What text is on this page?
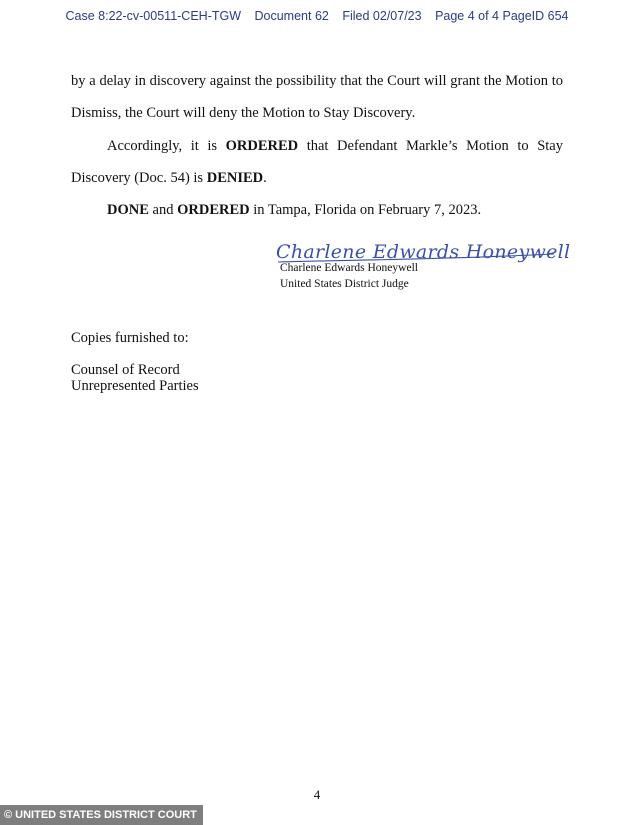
Case 8:22-cv-00511-CEH-TGW Document 62 Filed 02/07/23 Page 4 of 4 PageID 654
by a delay in discovery against the possibility that the Court will grant the Motion to
Dismiss, the Court will deny the Motion to Stay Discovery.
Accordingly, it is ORDERED that Defendant Markle’s Motion to Stay
Discovery (Doc. 54) is DENIED.
DONE and ORDERED in Tampa, Florida on February 7, 2023.
Charlene Edwards Honeywell
Charlene Edwards Honeywell
United States District Judge
Copies furnished to:
Counsel of Record
Unrepresented Parties
4
© UNITED STATES DISTRICT COURT
